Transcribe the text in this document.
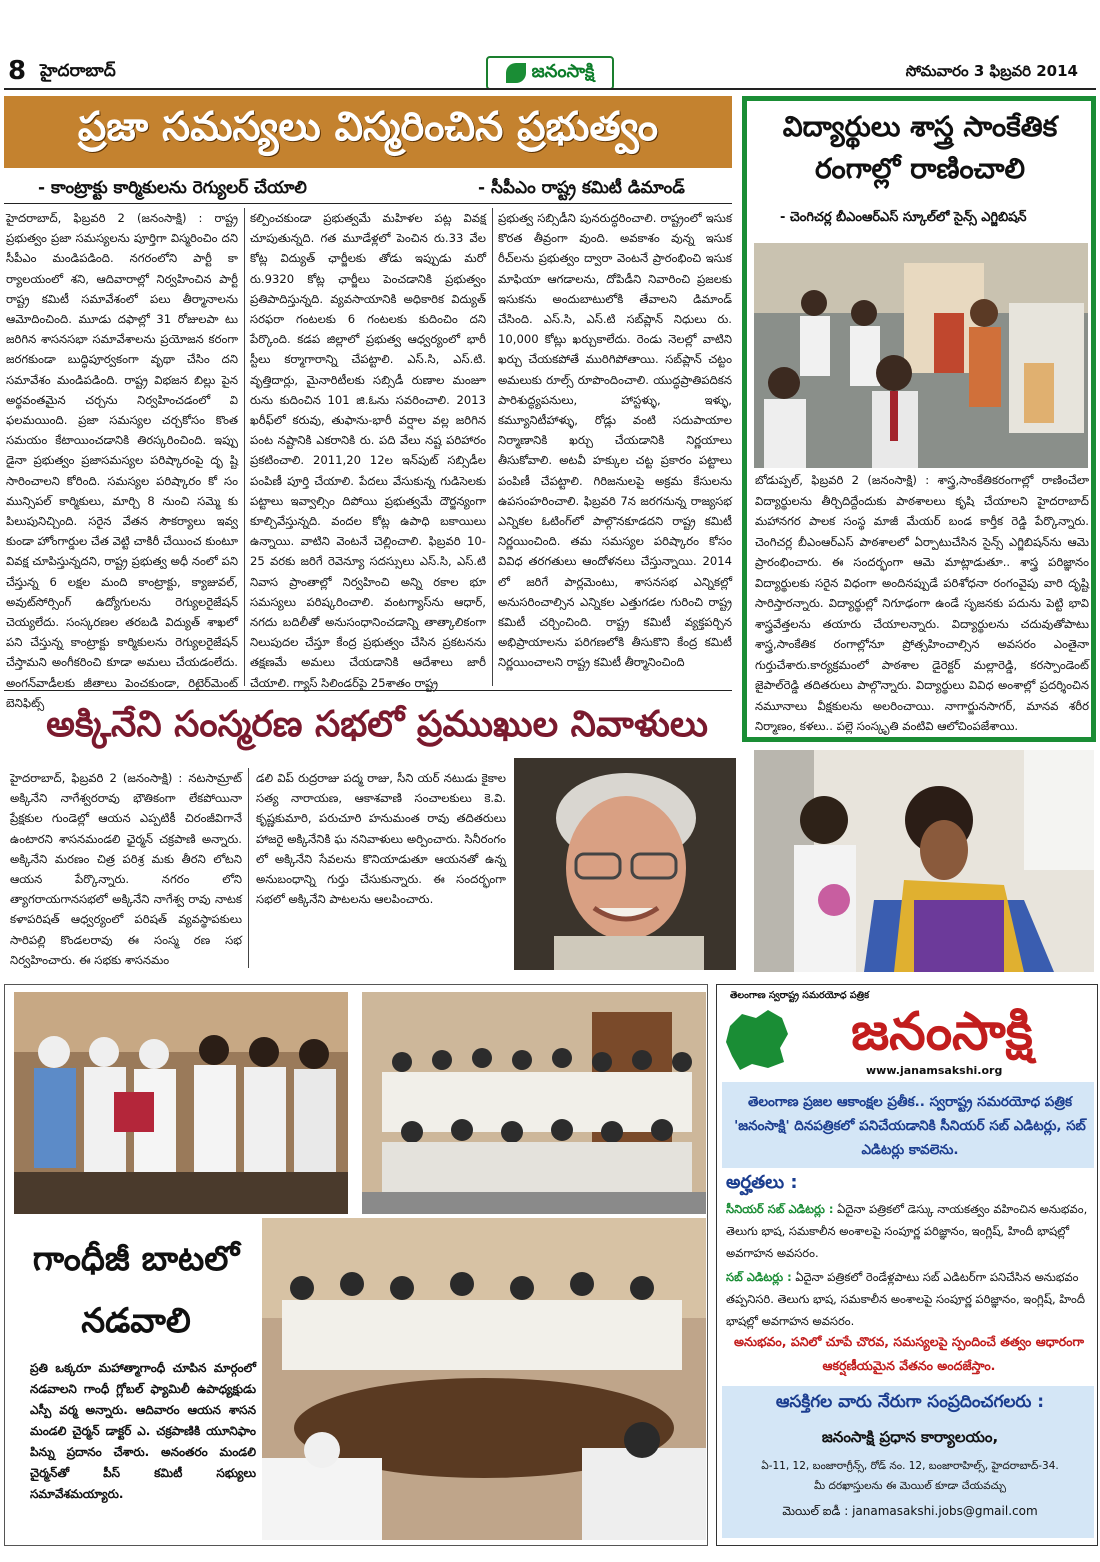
8 హైదరాబాద్	జనంసాక్షి	సోమవారం 3 ఫిబ్రవరి 2014
ప్రజా సమస్యలు విస్మరించిన ప్రభుత్వం
- కాంట్రాక్టు కార్మికులను రెగ్యులర్ చేయాలి	- సీపీఎం రాష్ట్ర కమిటీ డిమాండ్
హైదరాబాద్, ఫిబ్రవరి 2 (జనంసాక్షి) : రాష్ట్ర ప్రభుత్వం ప్రజా సమస్యలను పూర్తిగా విస్మరించిం దని సీపీఎం మండిపడింది. నగరంలోని పార్టీ కా ర్యాలయంలో శని, ఆదివారాల్లో నిర్వహించిన పార్టీ రాష్ట్ర కమిటీ సమావేశంలో పలు తీర్మానాలను ఆమోదించింది. మూడు దఫాల్లో 31 రోజులపా టు జరిగిన శాసనసభా సమావేశాలను ప్రయోజన కరంగా జరగకుండా బుద్ధిపూర్వకంగా వృథా చేసిం దని సమావేశం మండిపడింది. రాష్ట్ర విభజన బిల్లు పైన అర్థవంతమైన చర్చను నిర్వహించడంలో వి ఫలమయింది. ప్రజా సమస్యల చర్చకోసం కొంత సమయం కేటాయించడానికి తిరస్కరించింది. ఇప్పు డైనా ప్రభుత్వం ప్రజాసమస్యల పరిష్కారంపై దృ ష్టి సారించాలని కోరింది. సమస్యల పరిష్కారం కో సం మున్సిపల్ కార్మికులు, మార్చి 8 నుంచి సమ్మె కు పిలుపునిచ్చింది. సరైన వేతన సౌకర్యాలు ఇవ్వ కుండా హోంగార్డుల చేత వెట్టి చాకిరీ చేయించ కుంటూ వివక్ష చూపిస్తున్నదని, రాష్ట్ర ప్రభుత్వ అధీ నంలో పని చేస్తున్న 6 లక్షల మంది కాంట్రాక్టు, క్యాజువల్, అవుట్‌సోర్సింగ్ ఉద్యోగులను రెగ్యులరైజేషన్ చెయ్యలేదు. సంస్కరణల తరబడి విద్యుత్ శాఖలో పని చేస్తున్న కాంట్రాక్టు కార్మికులను రెగ్యులరైజేషన్ చేస్తామని అంగీకరించి కూడా అమలు చేయడంలేదు. అంగన్‌వాడీలకు జీతాలు పెంచకుండా, రిటైర్‌మెంట్ బెనిఫిట్స్
కల్పించకుండా ప్రభుత్వమే మహిళల పట్ల వివక్ష చూపుతున్నది. గత మూడేళ్లలో పెంచిన రు.33 వేల కోట్ల విద్యుత్ ఛార్జీలకు తోడు ఇప్పుడు మరో రు.9320 కోట్ల ఛార్జీలు పెంచడానికి ప్రభుత్వం ప్రతిపాదిస్తున్నది. వ్యవసాయానికి అధికారిక విద్యుత్ సరఫరా గంటలకు 6 గంటలకు కుదించిం దని పేర్కొంది. కడప జిల్లాలో ప్రభుత్వ ఆధ్వర్యంలో భారీ స్టీలు కర్మాగారాన్ని చేపట్టాలి. ఎస్.సి, ఎస్.టి. వృత్తిదార్లు, మైనారిటీలకు సబ్సిడీ రుణాల మంజూ రును కుదించిన 101 జి.ఓను సవరించాలి. 2013 ఖరీఫ్‌లో కరువు, తుఫాను-భారీ వర్షాల వల్ల జరిగిన పంట నష్టానికి ఎకరానికి రు. పది వేలు నష్ట పరిహారం ప్రకటించాలి. 2011,20 12ల ఇన్‌పుట్ సబ్సిడీల పంపిణీ పూర్తి చేయాలి. పేదలు వేసుకున్న గుడిసెలకు పట్టాలు ఇవ్వాల్సిం దిపోయి ప్రభుత్వమే దౌర్జన్యంగా కూల్చివేస్తున్నది. వందల కోట్ల ఉపాధి బకాయిలు ఉన్నాయి. వాటిని వెంటనే చెల్లించాలి. ఫిబ్రవరి 10-25 వరకు జరిగే రెవెన్యూ సదస్సులు ఎస్.సి, ఎస్.టి నివాస ప్రాంతాల్లో నిర్వహించి అన్ని రకాల భూ సమస్యలు పరిష్కరించాలి. వంటగ్యాస్‌ను ఆధార్, నగదు బదిలీతో అనుసంధానించడాన్ని తాత్కాలికంగా నిలుపుదల చేస్తూ కేంద్ర ప్రభుత్వం చేసిన ప్రకటనను తక్షణమే అమలు చేయడానికి ఆదేశాలు జారీ చేయాలి. గ్యాస్ సిలిండర్‌పై 25శాతం రాష్ట్ర
ప్రభుత్వ సబ్సిడీని పునరుద్ధరించాలి. రాష్ట్రంలో ఇసుక కొరత తీవ్రంగా వుంది. అవకాశం వున్న ఇసుక రీచ్‌లను ప్రభుత్వం ద్వారా వెంటనే ప్రారంభించి ఇసుక మాఫియా ఆగడాలను, దోపిడీని నివారించి ప్రజలకు ఇసుకను అందుబాటులోకి తేవాలని డిమాండ్ చేసింది. ఎస్.సి, ఎస్.టి సబ్‌ప్లాన్ నిధులు రు. 10,000 కోట్లు ఖర్చుకాలేదు. రెండు నెలల్లో వాటిని ఖర్చు చేయకపోతే మురిగిపోతాయి. సబ్‌ప్లాన్ చట్టం అమలుకు రూల్స్ రూపొందించాలి. యుద్ధప్రాతిపదికన పారిశుద్ధ్యపనులు, హాస్టళ్ళు, ఇళ్ళు, కమ్యూనిటీహాళ్ళు, రోడ్లు వంటి సదుపాయాల నిర్మాణానికి ఖర్చు చేయడానికి నిర్ణయాలు తీసుకోవాలి. అటవీ హక్కుల చట్ట ప్రకారం పట్టాలు పంపిణీ చేపట్టాలి. గిరిజనులపై అక్రమ కేసులను ఉపసంహరించాలి. ఫిబ్రవరి 7న జరగనున్న రాజ్యసభ ఎన్నికల ఓటింగ్‌లో పాల్గొనకూడదని రాష్ట్ర కమిటీ నిర్ణయించింది. తమ సమస్యల పరిష్కారం కోసం వివిధ తరగతులు ఆందోళనలు చేస్తున్నాయి. 2014 లో జరిగే పార్లమెంటు, శాసనసభ ఎన్నికల్లో అనుసరించాల్సిన ఎన్నికల ఎత్తుగడల గురించి రాష్ట్ర కమిటీ చర్చించింది. రాష్ట్ర కమిటీ వ్యక్తపర్చిన అభిప్రాయాలను పరిగణలోకి తీసుకొని కేంద్ర కమిటీ నిర్ణయించాలని రాష్ట్ర కమిటీ తీర్మానించింది
విద్యార్థులు శాస్త్ర సాంకేతిక రంగాల్లో రాణించాలి
- చెంగిచర్ల బీఎంఆర్ఎస్ స్కూల్‌లో సైన్స్ ఎగ్జిబిషన్
బోడుప్పల్, ఫిబ్రవరి 2 (జనంసాక్షి) : శాస్త్ర,సాంకేతికరంగాల్లో రాణించేలా విద్యార్థులను తీర్చిదిద్దేందుకు పాఠశాలలు కృషి చేయాలని హైదరాబాద్ మహానగర పాలక సంస్థ మాజీ మేయర్ బండ కార్తీక రెడ్డి పేర్కొన్నారు. చెంగిచర్ల బీఎంఆర్ఎస్ పాఠశాలలో ఏర్పాటుచేసిన సైన్స్ ఎగ్జిబిషన్‌ను ఆమె ప్రారంభించారు. ఈ సందర్భంగా ఆమె మాట్లాడుతూ.. శాస్త్ర పరిజ్ఞానం విద్యార్థులకు సరైన విధంగా అందినప్పుడే పరిశోధనా రంగంవైపు వారి దృష్టి సారిస్తారన్నారు. విద్యార్థుల్లో నిగూఢంగా ఉండే సృజనకు పదును పెట్టి భావి శాస్త్రవేత్తలను తయారు చేయాలన్నారు. విద్యార్థులను చదువుతోపాటు శాస్త్ర,సాంకేతిక రంగాల్లోనూ ప్రోత్సహించాల్సిన అవసరం ఎంతైనా గుర్తుచేశారు.కార్యక్రమంలో పాఠశాల డైరెక్టర్ మల్లారెడ్డి, కరస్పాండెంట్ జైపాల్‌రెడ్డి తదితరులు పాల్గొన్నారు. విద్యార్థులు వివిధ అంశాల్లో ప్రదర్శించిన నమూనాలు వీక్షకులను అలరించాయి. నాగార్జునసాగర్, మానవ శరీర నిర్మాణం, కళలు.. పల్లె సంస్కృతి వంటివి ఆలోచింపజేశాయి.
అక్కినేని సంస్మరణ సభలో ప్రముఖుల నివాళులు
హైదరాబాద్, ఫిబ్రవరి 2 (జనంసాక్షి) : నటసామ్రాట్ అక్కినేని నాగేశ్వరరావు భౌతికంగా లేకపోయినా ప్రేక్షకుల గుండెల్లో ఆయన ఎప్పటికీ చిరంజీవిగానే ఉంటారని శాసనమండలి ఛైర్మన్ చక్రపాణి అన్నారు. అక్కినేని మరణం చిత్ర పరిశ్ర మకు తీరని లోటని ఆయన పేర్కొన్నారు. నగరం లోని త్యాగరాయగానసభలో అక్కినేని నాగేశ్వ రావు నాటక కళాపరిషత్ ఆధ్వర్యంలో పరిషత్ వ్యవస్థాపకులు సారిపల్లి కొండలరావు ఈ సంస్మ రణ సభ నిర్వహించారు. ఈ సభకు శాసనమం
డలి విప్ రుద్రరాజు పద్మ రాజు, సీని యర్ నటుడు కైకాల సత్య నారాయణ, ఆకాశవాణి సంచాలకులు కె.వి. కృష్ణకుమారి, పరుచూరి హనుమంత రావు తదితరులు హాజరై అక్కినేనికి ఘ ననివాళులు అర్పించారు. సినీరంగం లో అక్కినేని సేవలను కొనియాడుతూ ఆయనతో ఉన్న అనుబంధాన్ని గుర్తు చేసుకున్నారు. ఈ సందర్భంగా సభలో అక్కినేని పాటలను ఆలపించారు.
గాంధీజీ బాటలో
నడవాలి
ప్రతి ఒక్కరూ మహాత్మాగాంధీ చూపిన మార్గంలో నడవాలని గాంధీ గ్లోబల్ ఫ్యామిలీ ఉపాధ్యక్షుడు ఎస్పీ వర్మ అన్నారు. ఆదివారం ఆయన శాసన మండలి చైర్మన్ డాక్టర్ ఎ. చక్రపాణికి యూనిఫాం పిన్ను ప్రదానం చేశారు. అనంతరం మండలి చైర్మన్‌తో పీస్ కమిటీ సభ్యులు సమావేశమయ్యారు.
తెలంగాణ స్వరాష్ట్ర సమరయోధ పత్రిక
జనంసాక్షి
www.janamsakshi.org
తెలంగాణ ప్రజల ఆకాంక్షల ప్రతీక.. స్వరాష్ట్ర సమరయోధ పత్రిక 'జనంసాక్షి' దినపత్రికలో పనిచేయడానికి సీనియర్ సబ్ ఎడిటర్లు, సబ్ ఎడిటర్లు కావలెను.
అర్హతలు :
సీనియర్ సబ్ ఎడిటర్లు : ఏదైనా పత్రికలో డెస్కు నాయకత్వం వహించిన అనుభవం, తెలుగు భాష, సమకాలీన అంశాలపై సంపూర్ణ పరిజ్ఞానం, ఇంగ్లిష్, హిందీ భాషల్లో అవగాహన అవసరం.
సబ్ ఎడిటర్లు : ఏదైనా పత్రికలో రెండేళ్లపాటు సబ్ ఎడిటర్‌గా పనిచేసిన అనుభవం తప్పనిసరి. తెలుగు భాష, సమకాలీన అంశాలపై సంపూర్ణ పరిజ్ఞానం, ఇంగ్లిష్, హిందీ భాషల్లో అవగాహన అవసరం.
అనుభవం, పనిలో చూపే చొరవ, సమస్యలపై స్పందించే తత్వం ఆధారంగా ఆకర్షణీయమైన వేతనం అందజేస్తాం.
ఆసక్తిగల వారు నేరుగా సంప్రదించగలరు :
జనంసాక్షి ప్రధాన కార్యాలయం,
ఏ-11, 12, బంజారాగ్రీన్స్, రోడ్ నం. 12, బంజారాహిల్స్, హైదరాబాద్-34.
మీ దరఖాస్తులను ఈ మెయిల్ కూడా చేయవచ్చు
మెయిల్ ఐడీ : janamasakshi.jobs@gmail.com
